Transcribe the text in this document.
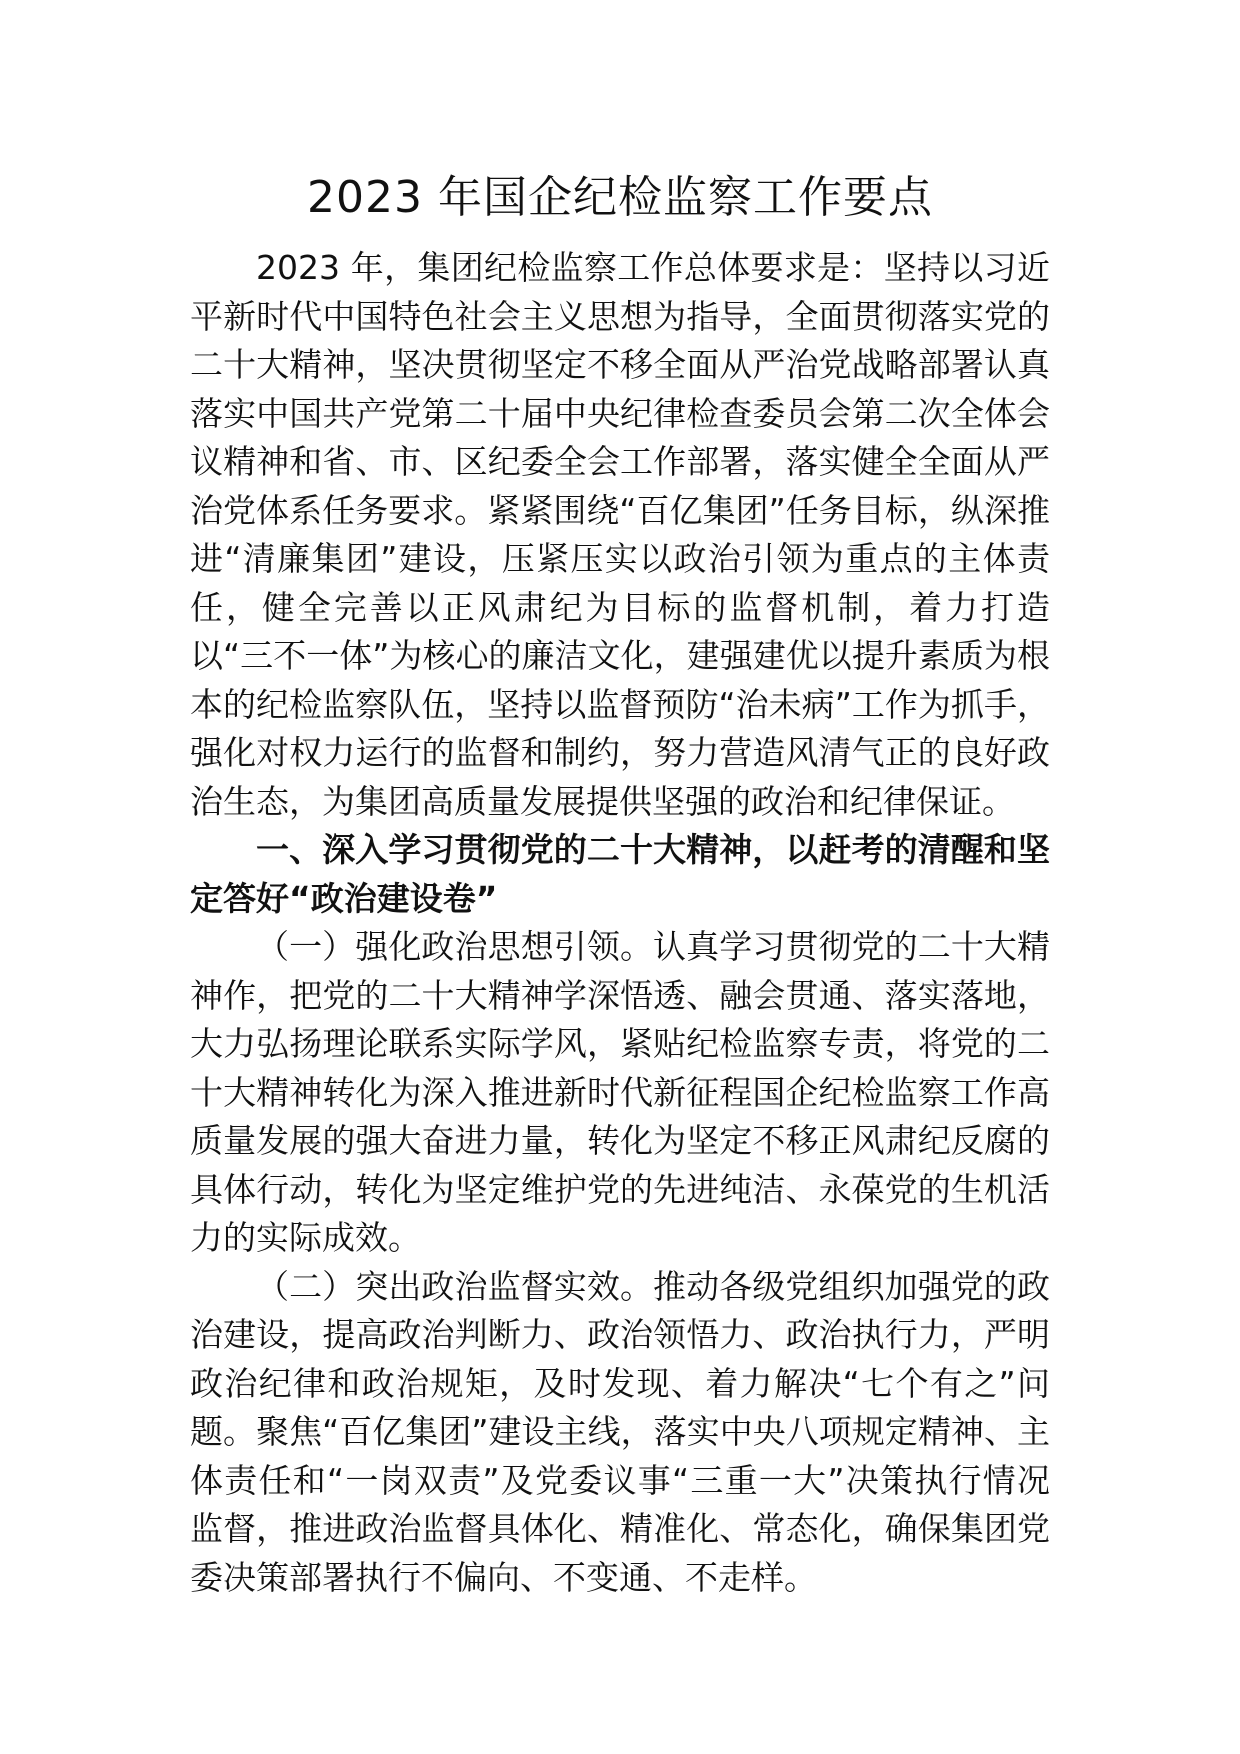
2023 年国企纪检监察工作要点

2023 年，集团纪检监察工作总体要求是：坚持以习近平新时代中国特色社会主义思想为指导，全面贯彻落实党的二十大精神，坚决贯彻坚定不移全面从严治党战略部署认真落实中国共产党第二十届中央纪律检查委员会第二次全体会议精神和省、市、区纪委全会工作部署，落实健全全面从严治党体系任务要求。紧紧围绕“百亿集团”任务目标，纵深推进“清廉集团”建设，压紧压实以政治引领为重点的主体责任，健全完善以正风肃纪为目标的监督机制，着力打造以“三不一体”为核心的廉洁文化，建强建优以提升素质为根本的纪检监察队伍，坚持以监督预防“治未病”工作为抓手，强化对权力运行的监督和制约，努力营造风清气正的良好政治生态，为集团高质量发展提供坚强的政治和纪律保证。

一、深入学习贯彻党的二十大精神，以赶考的清醒和坚定答好“政治建设卷”

（一）强化政治思想引领。认真学习贯彻党的二十大精神作，把党的二十大精神学深悟透、融会贯通、落实落地，大力弘扬理论联系实际学风，紧贴纪检监察专责，将党的二十大精神转化为深入推进新时代新征程国企纪检监察工作高质量发展的强大奋进力量，转化为坚定不移正风肃纪反腐的具体行动，转化为坚定维护党的先进纯洁、永葆党的生机活力的实际成效。

（二）突出政治监督实效。推动各级党组织加强党的政治建设，提高政治判断力、政治领悟力、政治执行力，严明政治纪律和政治规矩，及时发现、着力解决“七个有之”问题。聚焦“百亿集团”建设主线，落实中央八项规定精神、主体责任和“一岗双责”及党委议事“三重一大”决策执行情况监督，推进政治监督具体化、精准化、常态化，确保集团党委决策部署执行不偏向、不变通、不走样。
